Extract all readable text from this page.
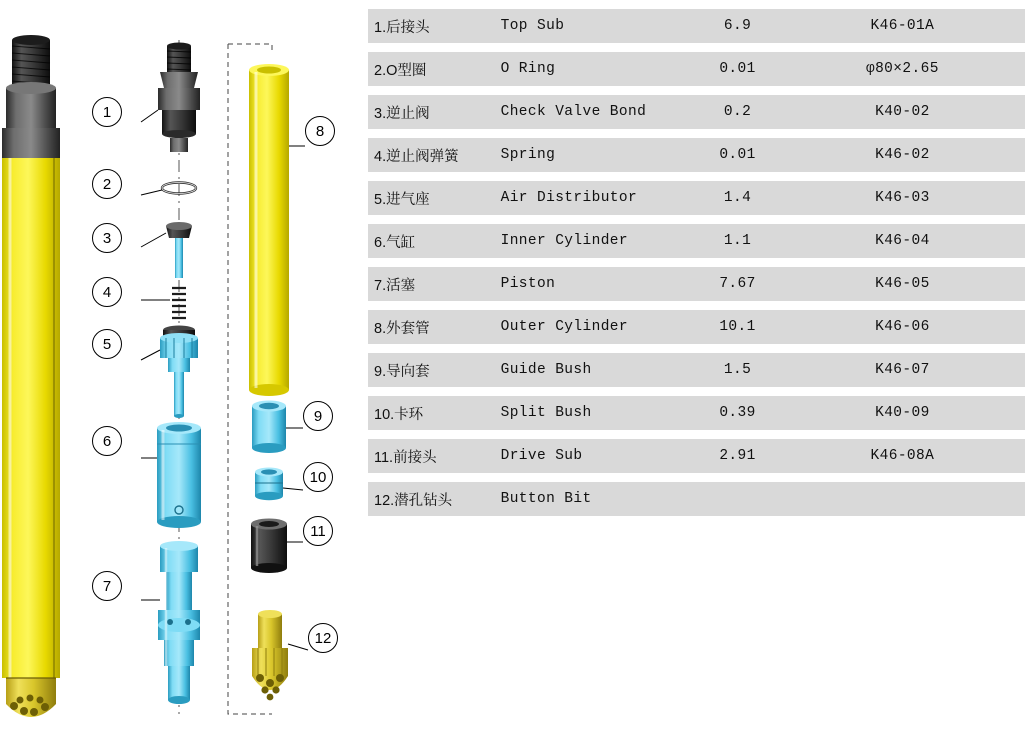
1
2
3
4
5
6
7
8
9
10
11
12
1.后接头	Top Sub	6.9	K46-01A
2.O型圈	O Ring	0.01	φ80×2.65
3.逆止阀	Check Valve Bond	0.2	K40-02
4.逆止阀弹簧	Spring	0.01	K46-02
5.进气座	Air Distributor	1.4	K46-03
6.气缸	Inner Cylinder	1.1	K46-04
7.活塞	Piston	7.67	K46-05
8.外套管	Outer Cylinder	10.1	K46-06
9.导向套	Guide Bush	1.5	K46-07
10.卡环	Split Bush	0.39	K40-09
11.前接头	Drive Sub	2.91	K46-08A
12.潜孔钻头	Button Bit		
